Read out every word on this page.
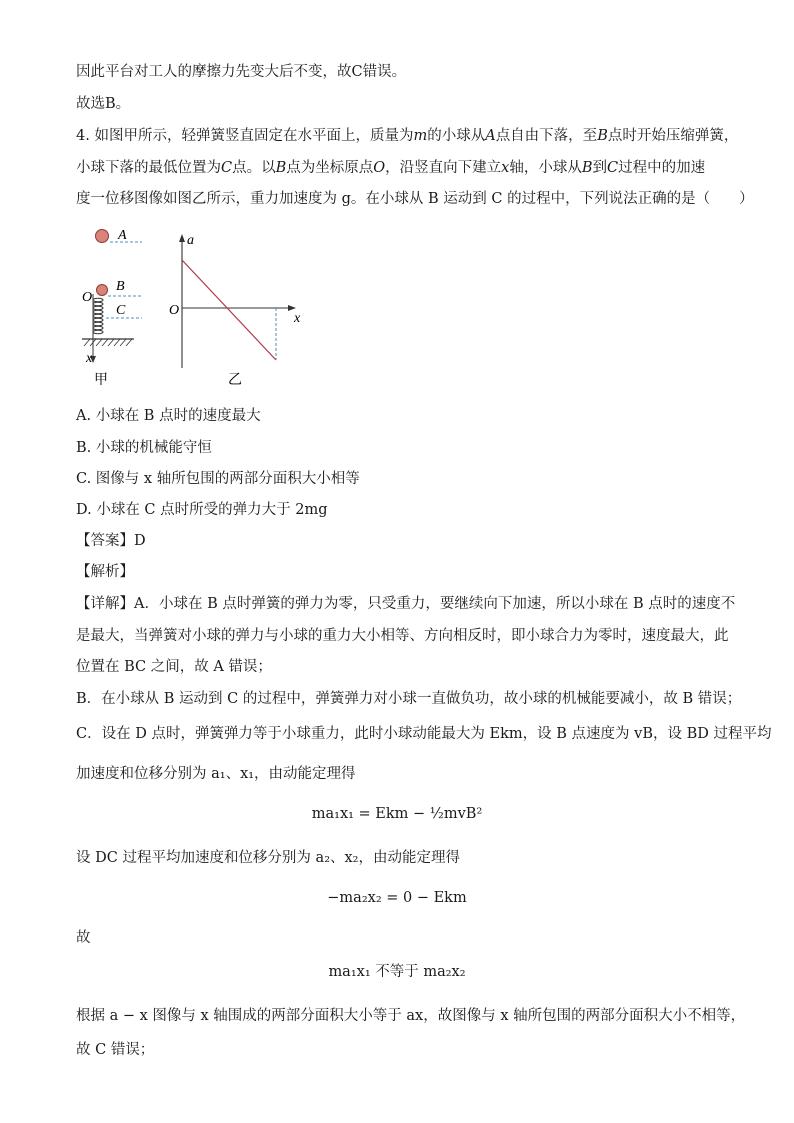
因此平台对工人的摩擦力先变大后不变，故C错误。
故选B。
4. 如图甲所示，轻弹簧竖直固定在水平面上，质量为m的小球从A点自由下落，至B点时开始压缩弹簧，
小球下落的最低位置为C点。以B点为坐标原点O，沿竖直向下建立x轴，小球从B到C过程中的加速
度一位移图像如图乙所示，重力加速度为 g。在小球从 B 运动到 C 的过程中，下列说法正确的是（　　）
A
B
O
C
x
甲
a
x
O
乙
A. 小球在 B 点时的速度最大
B. 小球的机械能守恒
C. 图像与 x 轴所包围的两部分面积大小相等
D. 小球在 C 点时所受的弹力大于 2mg
【答案】D
【解析】
【详解】A．小球在 B 点时弹簧的弹力为零，只受重力，要继续向下加速，所以小球在 B 点时的速度不
是最大，当弹簧对小球的弹力与小球的重力大小相等、方向相反时，即小球合力为零时，速度最大，此
位置在 BC 之间，故 A 错误；
B．在小球从 B 运动到 C 的过程中，弹簧弹力对小球一直做负功，故小球的机械能要减小，故 B 错误；
C．设在 D 点时，弹簧弹力等于小球重力，此时小球动能最大为 Ekm，设 B 点速度为 vB，设 BD 过程平均
加速度和位移分别为 a₁、x₁，由动能定理得
ma₁x₁ = Ekm − ½mvB²
设 DC 过程平均加速度和位移分别为 a₂、x₂，由动能定理得
−ma₂x₂ = 0 − Ekm
故
ma₁x₁ 不等于 ma₂x₂
根据 a − x 图像与 x 轴围成的两部分面积大小等于 ax，故图像与 x 轴所包围的两部分面积大小不相等，
故 C 错误；
